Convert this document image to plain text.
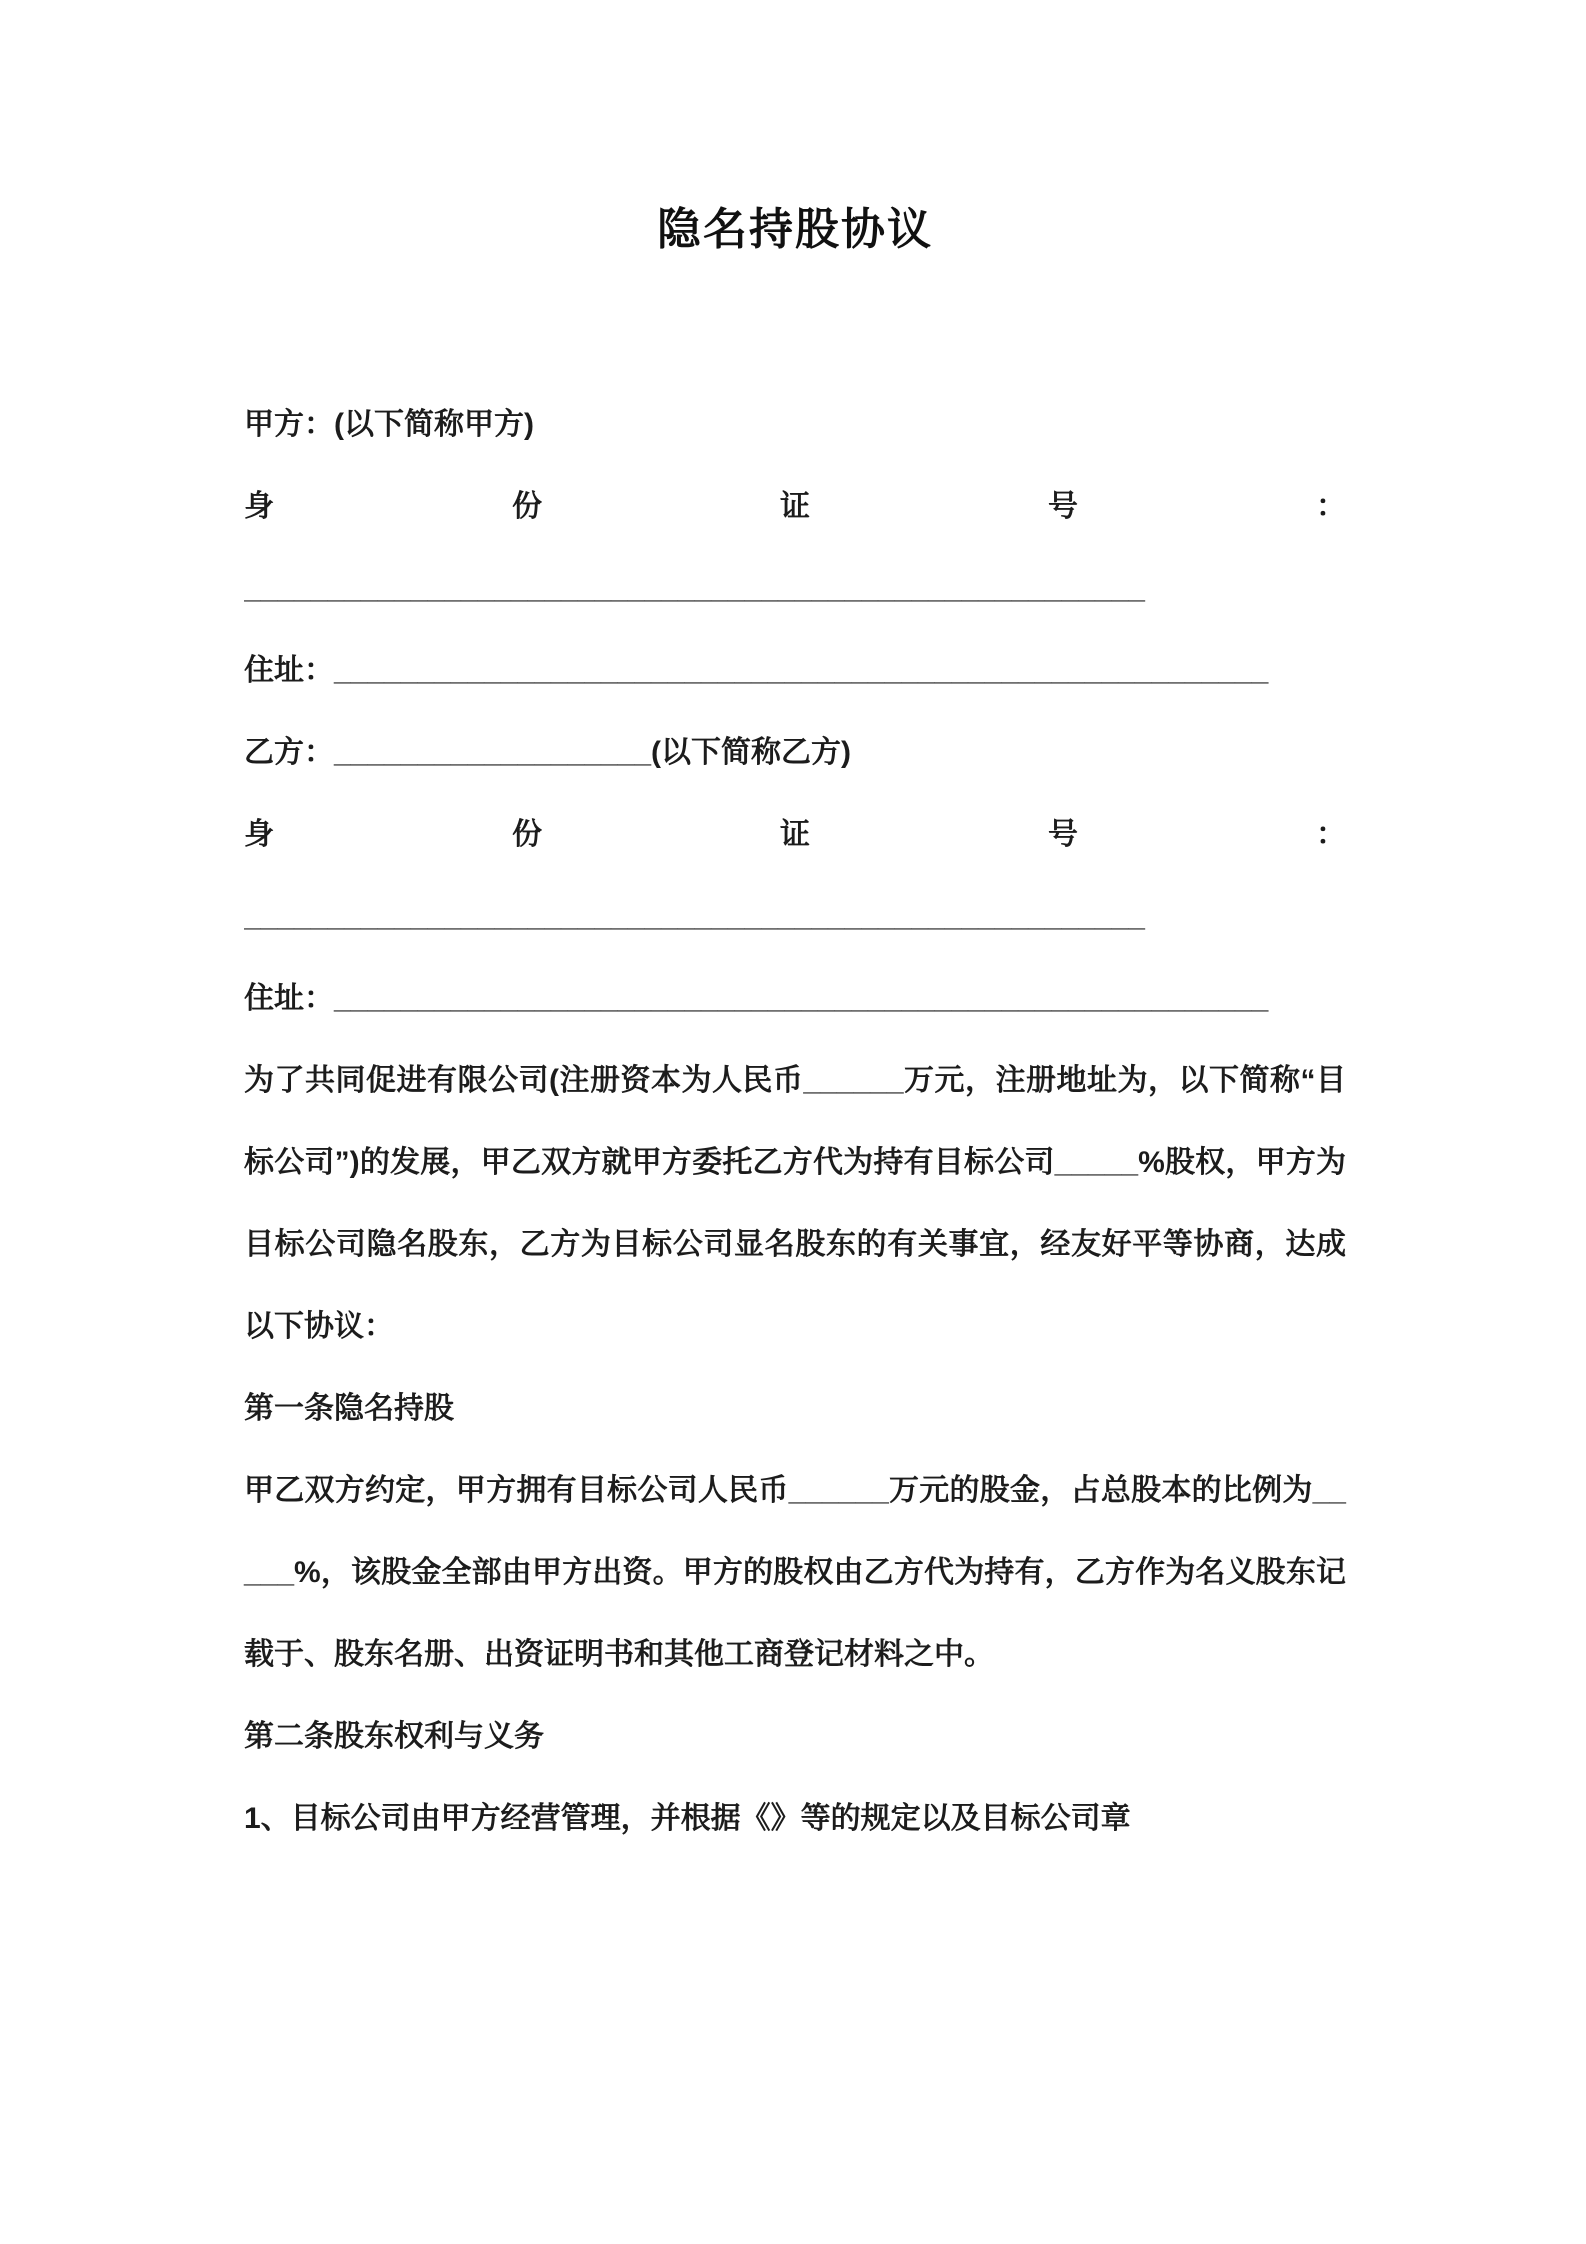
隐名持股协议
甲方：(以下简称甲方)
身	份	证	号	：
______________________________________________________
住址：________________________________________________________
乙方：___________________(以下简称乙方)
身	份	证	号	：
______________________________________________________
住址：________________________________________________________

为了共同促进有限公司(注册资本为人民币______万元，注册地址为，以下简称“目标公司”)的发展，甲乙双方就甲方委托乙方代为持有目标公司_____%股权，甲方为目标公司隐名股东，乙方为目标公司显名股东的有关事宜，经友好平等协商，达成以下协议：

第一条隐名持股

甲乙双方约定，甲方拥有目标公司人民币______万元的股金，占总股本的比例为_____%，该股金全部由甲方出资。甲方的股权由乙方代为持有，乙方作为名义股东记载于、股东名册、出资证明书和其他工商登记材料之中。

第二条股东权利与义务

1、目标公司由甲方经营管理，并根据《》等的规定以及目标公司章
